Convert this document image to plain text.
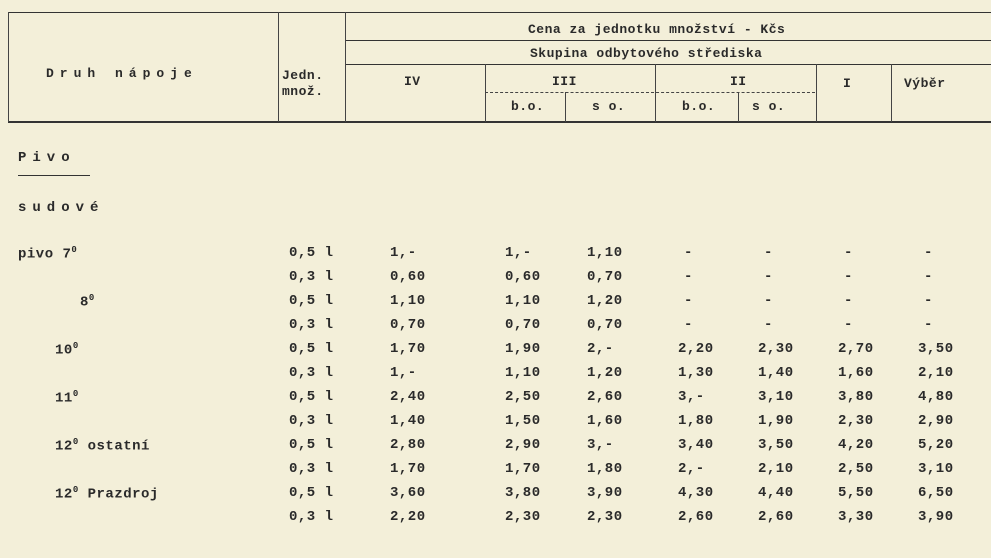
Druh nápoje	Jedn.
množ.
Cena za jednotku množství - Kčs
Skupina odbytového střediska
IV	III	II	I	Výběr
b.o.	s o.	b.o.	s o.
Pivo
sudové
pivo $7^0$	0,5 l	1,-	1,-	1,10	-	-	-	-
0,3 l	0,60	0,60	0,70	-	-	-	-
$8^0$	0,5 l	1,10	1,10	1,20	-	-	-	-
0,3 l	0,70	0,70	0,70	-	-	-	-
$10^0$	0,5 l	1,70	1,90	2,-	2,20	2,30	2,70	3,50
0,3 l	1,-	1,10	1,20	1,30	1,40	1,60	2,10
$11^0$	0,5 l	2,40	2,50	2,60	3,-	3,10	3,80	4,80
0,3 l	1,40	1,50	1,60	1,80	1,90	2,30	2,90
$12^0$ ostatní	0,5 l	2,80	2,90	3,-	3,40	3,50	4,20	5,20
0,3 l	1,70	1,70	1,80	2,-	2,10	2,50	3,10
$12^0$ Prazdroj	0,5 l	3,60	3,80	3,90	4,30	4,40	5,50	6,50
0,3 l	2,20	2,30	2,30	2,60	2,60	3,30	3,90
